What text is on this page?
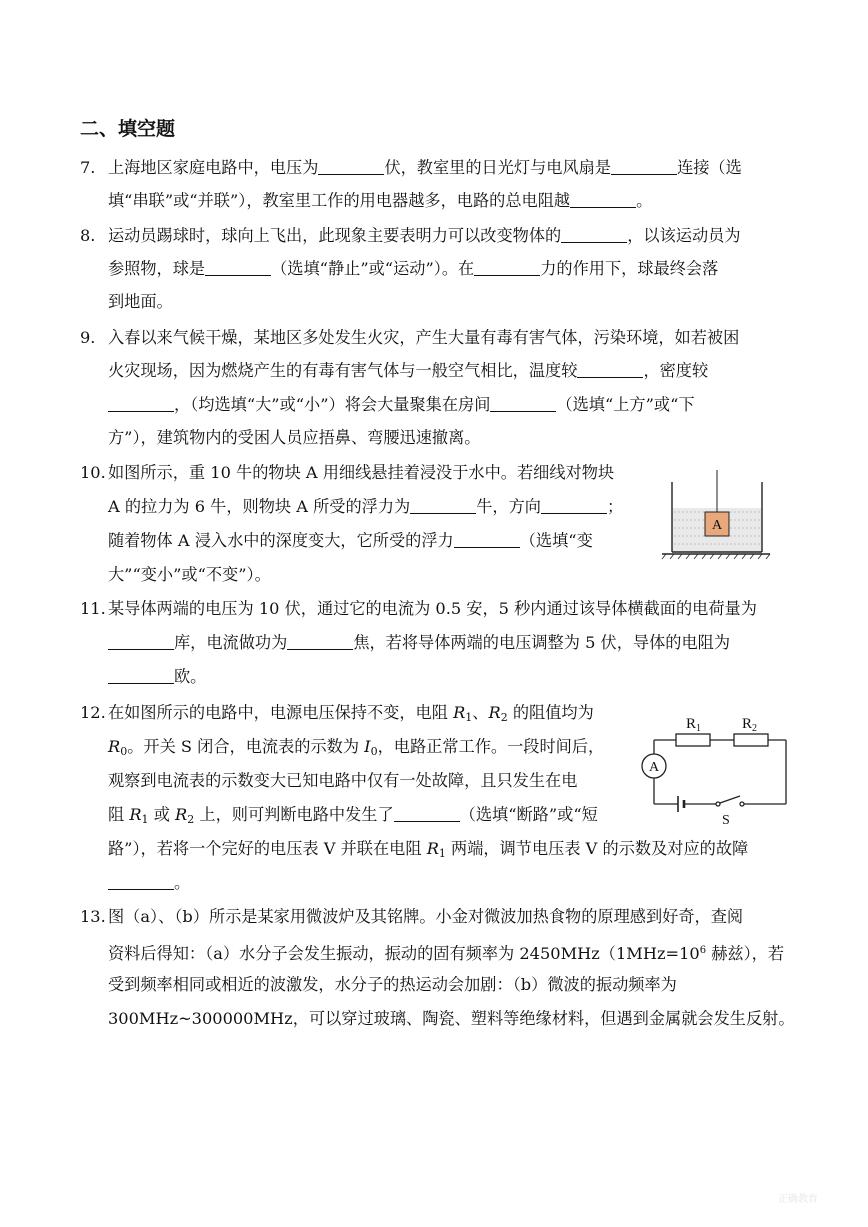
二、填空题
7. 上海地区家庭电路中，电压为	伏，教室里的日光灯与电风扇是	连接（选
填“串联”或“并联”），教室里工作的用电器越多，电路的总电阻越	。
8. 运动员踢球时，球向上飞出，此现象主要表明力可以改变物体的	，以该运动员为
参照物，球是	（选填“静止”或“运动”）。在	力的作用下，球最终会落
到地面。
9. 入春以来气候干燥，某地区多处发生火灾，产生大量有毒有害气体，污染环境，如若被困
火灾现场，因为燃烧产生的有毒有害气体与一般空气相比，温度较	，密度较
，（均选填“大”或“小”）将会大量聚集在房间	（选填“上方”或“下
方”），建筑物内的受困人员应捂鼻、弯腰迅速撤离。
10. 如图所示，重 10 牛的物块 A 用细线悬挂着浸没于水中。若细线对物块
A 的拉力为 6 牛，则物块 A 所受的浮力为	牛，方向	；
随着物体 A 浸入水中的深度变大，它所受的浮力	（选填“变
大”“变小”或“不变”）。
11. 某导体两端的电压为 10 伏，通过它的电流为 0.5 安，5 秒内通过该导体横截面的电荷量为
库，电流做功为	焦，若将导体两端的电压调整为 5 伏，导体的电阻为
欧。
12. 在如图所示的电路中，电源电压保持不变，电阻 $R_1$、$R_2$ 的阻值均为
$R_0$。开关 S 闭合，电流表的示数为 $I_0$，电路正常工作。一段时间后，
观察到电流表的示数变大已知电路中仅有一处故障，且只发生在电
阻 $R_1$ 或 $R_2$ 上，则可判断电路中发生了	（选填“断路”或“短
路”），若将一个完好的电压表 V 并联在电阻 $R_1$ 两端，调节电压表 V 的示数及对应的故障
。
13. 图（a）、（b）所示是某家用微波炉及其铭牌。小金对微波加热食物的原理感到好奇，查阅
资料后得知：（a）水分子会发生振动，振动的固有频率为 $2450MHz(1MHz=10^6$ 赫兹），若
受到频率相同或相近的波激发，水分子的热运动会加剧：（b）微波的振动频率为
300MHz~300000MHz，可以穿过玻璃、陶瓷、塑料等绝缘材料，但遇到金属就会发生反射。
A
$R_1$	$R_2$
A
S
正确教育
